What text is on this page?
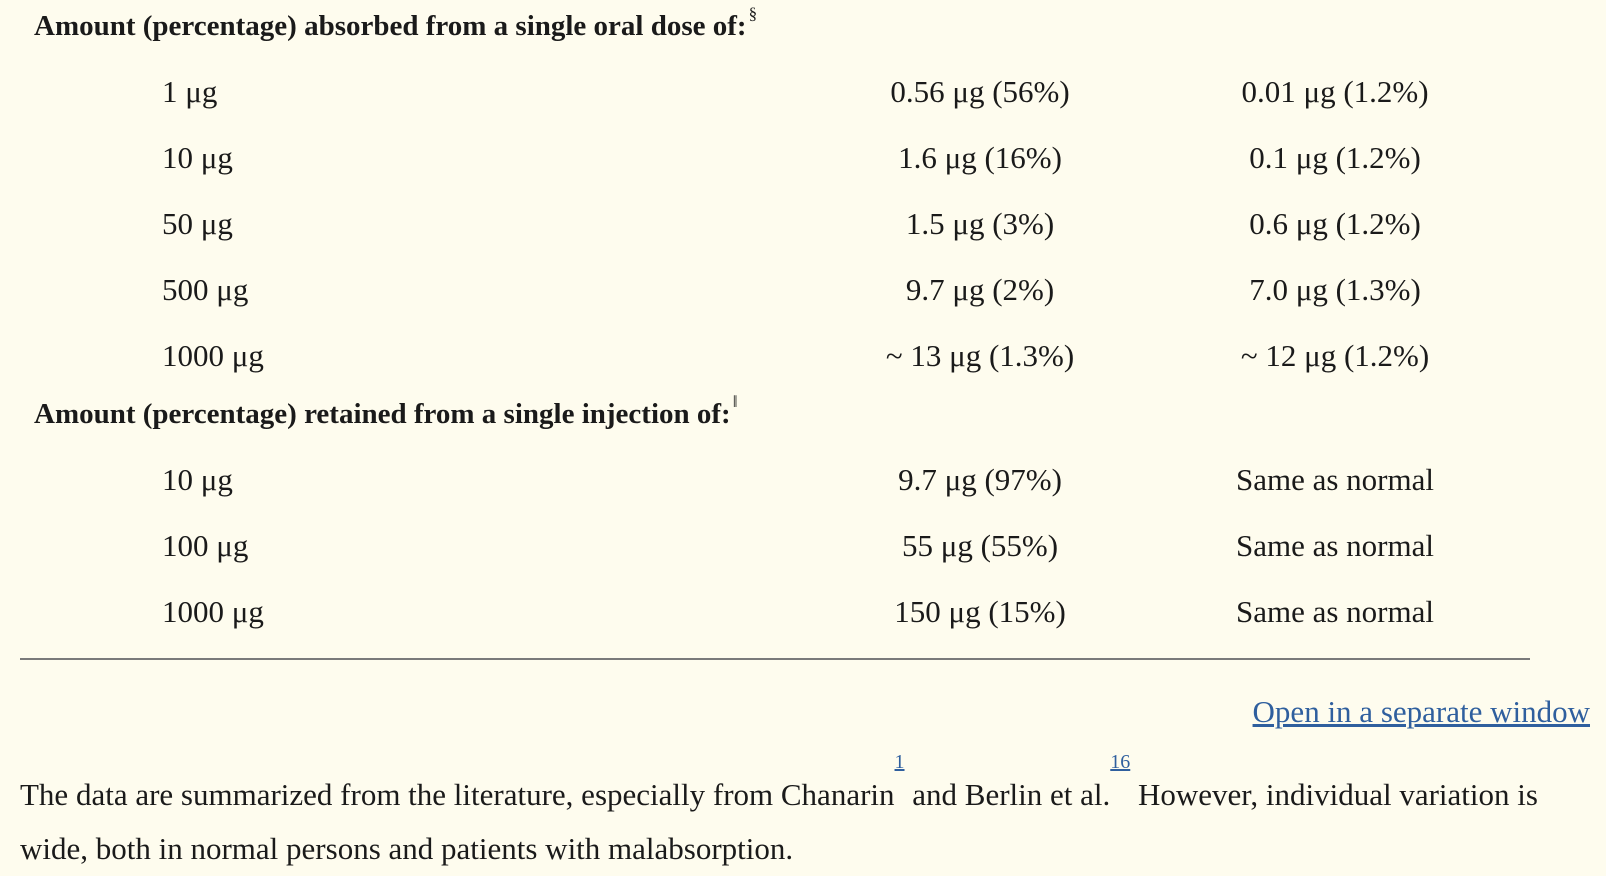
Amount (percentage) absorbed from a single oral dose of: §
1 μg	0.56 μg (56%)	0.01 μg (1.2%)
10 μg	1.6 μg (16%)	0.1 μg (1.2%)
50 μg	1.5 μg (3%)	0.6 μg (1.2%)
500 μg	9.7 μg (2%)	7.0 μg (1.3%)
1000 μg	~ 13 μg (1.3%)	~ 12 μg (1.2%)
Amount (percentage) retained from a single injection of: ‖
10 μg	9.7 μg (97%)	Same as normal
100 μg	55 μg (55%)	Same as normal
1000 μg	150 μg (15%)	Same as normal
Open in a separate window

The data are summarized from the literature, especially from Chanarin$^1$ and Berlin et al.$^{16}$ However, individual variation is wide, both in normal persons and patients with malabsorption.
